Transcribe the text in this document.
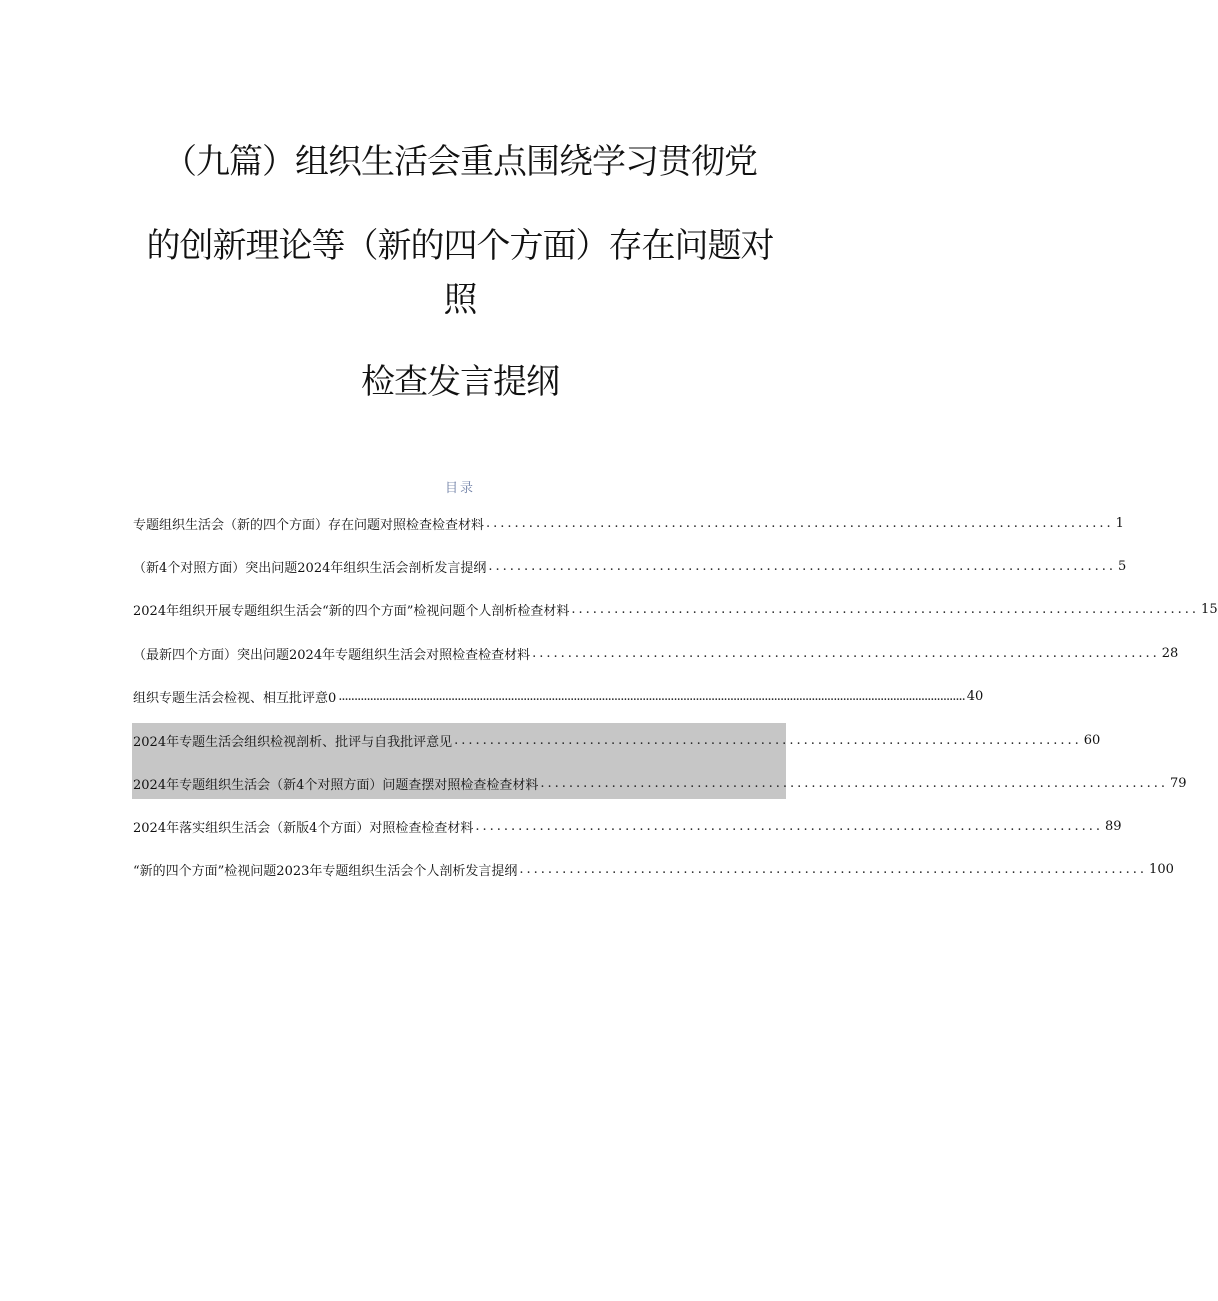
（九篇）组织生活会重点围绕学习贯彻党
的创新理论等（新的四个方面）存在问题对
照
检查发言提纲
目录
专题组织生活会（新的四个方面）存在问题对照检查检查材料 ........................................................................................ 1
（新4个对照方面）突出问题2024年组织生活会剖析发言提纲 ........................................................................................ 5
2024年组织开展专题组织生活会“新的四个方面”检视问题个人剖析检查材料 ........................................................................................ 15
（最新四个方面）突出问题2024年专题组织生活会对照检查检查材料 ........................................................................................ 28
组织专题生活会检视、相互批评意0 ........................................................................................................................................................................................................ 40
2024年专题生活会组织检视剖析、批评与自我批评意见 ........................................................................................ 60
2024年专题组织生活会（新4个对照方面）问题查摆对照检查检查材料 ........................................................................................ 79
2024年落实组织生活会（新版4个方面）对照检查检查材料 ........................................................................................ 89
“新的四个方面”检视问题2023年专题组织生活会个人剖析发言提纲 ........................................................................................ 100
